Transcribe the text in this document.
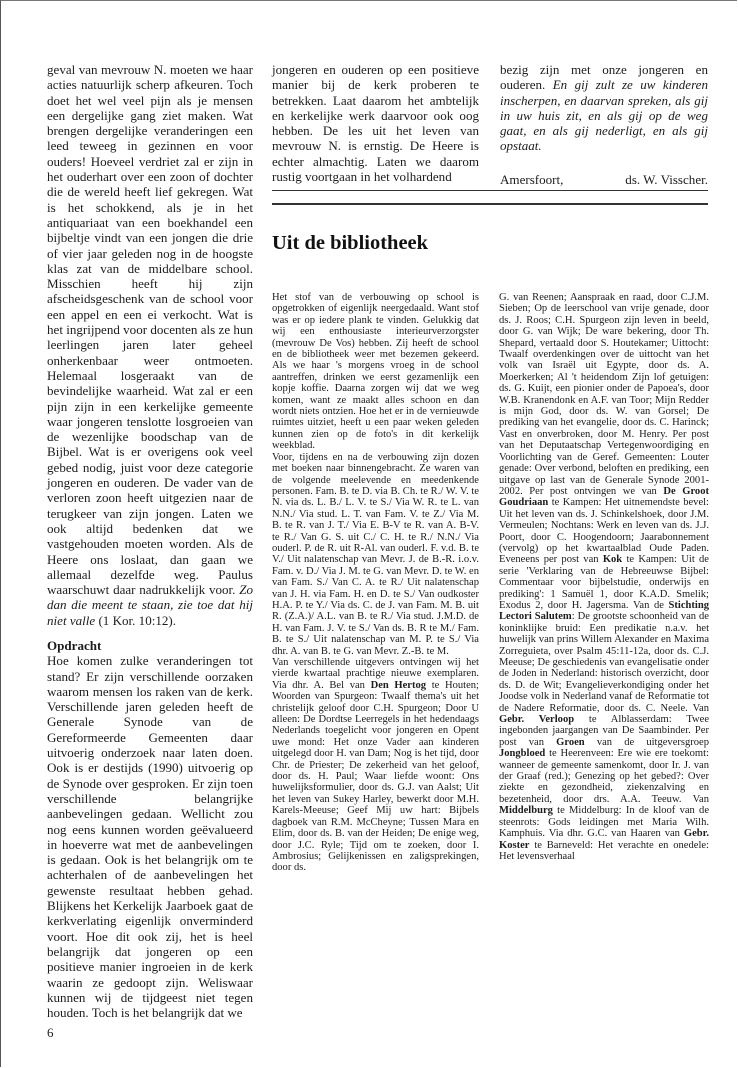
geval van mevrouw N. moeten we haar acties natuurlijk scherp afkeuren. Toch doet het wel veel pijn als je mensen een dergelijke gang ziet maken. Wat brengen dergelijke veranderingen een leed teweeg in gezinnen en voor ouders! Hoeveel verdriet zal er zijn in het ouderhart over een zoon of dochter die de wereld heeft lief gekregen. Wat is het schokkend, als je in het antiquariaat van een boekhandel een bijbeltje vindt van een jongen die drie of vier jaar geleden nog in de hoogste klas zat van de middelbare school. Misschien heeft hij zijn afscheidsgeschenk van de school voor een appel en een ei verkocht. Wat is het ingrijpend voor docenten als ze hun leerlingen jaren later geheel onherkenbaar weer ontmoeten. Helemaal losgeraakt van de bevindelijke waarheid. Wat zal er een pijn zijn in een kerkelijke gemeente waar jongeren tenslotte losgroeien van de wezenlijke boodschap van de Bijbel. Wat is er overigens ook veel gebed nodig, juist voor deze categorie jongeren en ouderen. De vader van de verloren zoon heeft uitgezien naar de terugkeer van zijn jongen. Laten we ook altijd bedenken dat we vastgehouden moeten worden. Als de Heere ons loslaat, dan gaan we allemaal dezelfde weg. Paulus waarschuwt daar nadrukkelijk voor. Zo dan die meent te staan, zie toe dat hij niet valle (1 Kor. 10:12).

Opdracht

Hoe komen zulke veranderingen tot stand? Er zijn verschillende oorzaken waarom mensen los raken van de kerk. Verschillende jaren geleden heeft de Generale Synode van de Gereformeerde Gemeenten daar uitvoerig onderzoek naar laten doen. Ook is er destijds (1990) uitvoerig op de Synode over gesproken. Er zijn toen verschillende belangrijke aanbevelingen gedaan. Wellicht zou nog eens kunnen worden geëvalueerd in hoeverre wat met de aanbevelingen is gedaan. Ook is het belangrijk om te achterhalen of de aanbevelingen het gewenste resultaat hebben gehad. Blijkens het Kerkelijk Jaarboek gaat de kerkverlating eigenlijk onverminderd voort. Hoe dit ook zij, het is heel belangrijk dat jongeren op een positieve manier ingroeien in de kerk waarin ze gedoopt zijn. Weliswaar kunnen wij de tijdgeest niet tegen houden. Toch is het belangrijk dat we

jongeren en ouderen op een positieve manier bij de kerk proberen te betrekken. Laat daarom het ambtelijk en kerkelijke werk daarvoor ook oog hebben. De les uit het leven van mevrouw N. is ernstig. De Heere is echter almachtig. Laten we daarom rustig voortgaan in het volhardend

bezig zijn met onze jongeren en ouderen. En gij zult ze uw kinderen inscherpen, en daarvan spreken, als gij in uw huis zit, en als gij op de weg gaat, en als gij nederligt, en als gij opstaat.

Amersfoort,	ds. W. Visscher.

Uit de bibliotheek

Het stof van de verbouwing op school is opgetrokken of eigenlijk neergedaald. Want stof was er op iedere plank te vinden. Gelukkig dat wij een enthousiaste interieurverzorgster (mevrouw De Vos) hebben. Zij heeft de school en de bibliotheek weer met bezemen gekeerd. Als we haar 's morgens vroeg in de school aantreffen, drinken we eerst gezamenlijk een kopje koffie. Daarna zorgen wij dat we weg komen, want ze maakt alles schoon en dan wordt niets ontzien. Hoe het er in de vernieuwde ruimtes uitziet, heeft u een paar weken geleden kunnen zien op de foto's in dit kerkelijk weekblad.

Voor, tijdens en na de verbouwing zijn dozen met boeken naar binnengebracht. Ze waren van de volgende meelevende en meedenkende personen. Fam. B. te D. via B. Ch. te R./ W. V. te N. via ds. L. B./ L. V. te S./ Via W. R. te L. van N.N./ Via stud. L. T. van Fam. V. te Z./ Via M. B. te R. van J. T./ Via E. B-V te R. van A. B-V. te R./ Van G. S. uit C./ C. H. te R./ N.N./ Via ouderl. P. de R. uit R-Al. van ouderl. F. v.d. B. te V./ Uit nalatenschap van Mevr. J. de B.-R. i.o.v. Fam. v. D./ Via J. M. te G. van Mevr. D. te W. en van Fam. S./ Van C. A. te R./ Uit nalatenschap van J. H. via Fam. H. en D. te S./ Van oudkoster H.A. P. te Y./ Via ds. C. de J. van Fam. M. B. uit R. (Z.A.)/ A.L. van B. te R./ Via stud. J.M.D. de H. van Fam. J. V. te S./ Van ds. B. R te M./ Fam. B. te S./ Uit nalatenschap van M. P. te S./ Via dhr. A. van B. te G. van Mevr. Z.-B. te M.

Van verschillende uitgevers ontvingen wij het vierde kwartaal prachtige nieuwe exemplaren. Via dhr. A. Bel van Den Hertog te Houten; Woorden van Spurgeon: Twaalf thema's uit het christelijk geloof door C.H. Spurgeon; Door U alleen: De Dordtse Leerregels in het hedendaags Nederlands toegelicht voor jongeren en Opent uwe mond: Het onze Vader aan kinderen uitgelegd door H. van Dam; Nog is het tijd, door Chr. de Priester; De zekerheid van het geloof, door ds. H. Paul; Waar liefde woont: Ons huwelijksformulier, door ds. G.J. van Aalst; Uit het leven van Sukey Harley, bewerkt door M.H. Karels-Meeuse; Geef Mij uw hart: Bijbels dagboek van R.M. McCheyne; Tussen Mara en Elim, door ds. B. van der Heiden; De enige weg, door J.C. Ryle; Tijd om te zoeken, door I. Ambrosius; Gelijkenissen en zaligsprekingen, door ds.

G. van Reenen; Aanspraak en raad, door C.J.M. Sieben; Op de leerschool van vrije genade, door ds. J. Roos; C.H. Spurgeon zijn leven in beeld, door G. van Wijk; De ware bekering, door Th. Shepard, vertaald door S. Houtekamer; Uittocht: Twaalf overdenkingen over de uittocht van het volk van Israël uit Egypte, door ds. A. Moerkerken; Al 't heidendom Zijn lof getuigen: ds. G. Kuijt, een pionier onder de Papoea's, door W.B. Kranendonk en A.F. van Toor; Mijn Redder is mijn God, door ds. W. van Gorsel; De prediking van het evangelie, door ds. C. Harinck; Vast en onverbroken, door M. Henry. Per post van het Deputaatschap Vertegenwoordiging en Voorlichting van de Geref. Gemeenten: Louter genade: Over verbond, beloften en prediking, een uitgave op last van de Generale Synode 2001-2002. Per post ontvingen we van De Groot Goudriaan te Kampen: Het uitnemendste bevel: Uit het leven van ds. J. Schinkelshoek, door J.M. Vermeulen; Nochtans: Werk en leven van ds. J.J. Poort, door C. Hoogendoorn; Jaarabonnement (vervolg) op het kwartaalblad Oude Paden. Eveneens per post van Kok te Kampen: Uit de serie 'Verklaring van de Hebreeuwse Bijbel: Commentaar voor bijbelstudie, onderwijs en prediking': 1 Samuël 1, door K.A.D. Smelik; Exodus 2, door H. Jagersma. Van de Stichting Lectori Salutem: De grootste schoonheid van de koninklijke bruid: Een predikatie n.a.v. het huwelijk van prins Willem Alexander en Maxima Zorreguieta, over Psalm 45:11-12a, door ds. C.J. Meeuse; De geschiedenis van evangelisatie onder de Joden in Nederland: historisch overzicht, door ds. D. de Wit; Evangelieverkondiging onder het Joodse volk in Nederland vanaf de Reformatie tot de Nadere Reformatie, door ds. C. Neele. Van Gebr. Verloop te Alblasserdam: Twee ingebonden jaargangen van De Saambinder. Per post van Groen van de uitgeversgroep Jongbloed te Heerenveen: Ere wie ere toekomt: wanneer de gemeente samenkomt, door Ir. J. van der Graaf (red.); Genezing op het gebed?: Over ziekte en gezondheid, ziekenzalving en bezetenheid, door drs. A.A. Teeuw. Van Middelburg te Middelburg: In de kloof van de steenrots: Gods leidingen met Maria Wilh. Kamphuis. Via dhr. G.C. van Haaren van Gebr. Koster te Barneveld: Het verachte en onedele: Het levensverhaal

6
